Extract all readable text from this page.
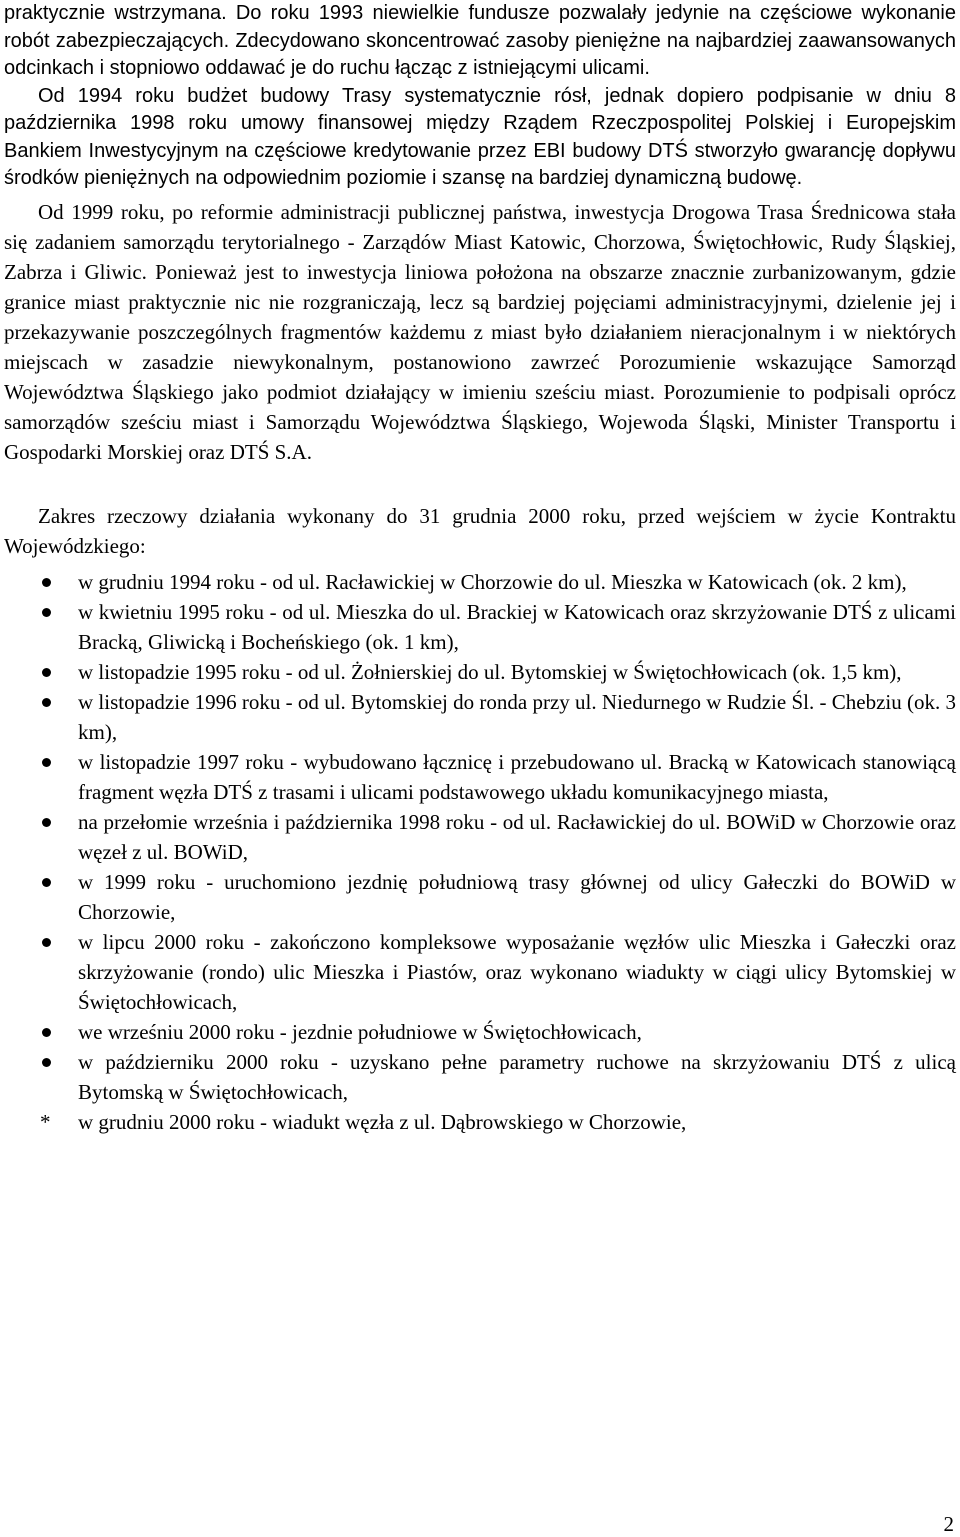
praktycznie wstrzymana. Do roku 1993 niewielkie fundusze pozwalały jedynie na częściowe wykonanie robót zabezpieczających. Zdecydowano skoncentrować zasoby pieniężne na najbardziej zaawansowanych odcinkach i stopniowo oddawać je do ruchu łącząc z istniejącymi ulicami.

Od 1994 roku budżet budowy Trasy systematycznie rósł, jednak dopiero podpisanie w dniu 8 października 1998 roku umowy finansowej między Rządem Rzeczpospolitej Polskiej i Europejskim Bankiem Inwestycyjnym na częściowe kredytowanie przez EBI budowy DTŚ stworzyło gwarancję dopływu środków pieniężnych na odpowiednim poziomie i szansę na bardziej dynamiczną budowę.

Od 1999 roku, po reformie administracji publicznej państwa, inwestycja Drogowa Trasa Średnicowa stała się zadaniem samorządu terytorialnego - Zarządów Miast Katowic, Chorzowa, Świętochłowic, Rudy Śląskiej, Zabrza i Gliwic. Ponieważ jest to inwestycja liniowa położona na obszarze znacznie zurbanizowanym, gdzie granice miast praktycznie nic nie rozgraniczają, lecz są bardziej pojęciami administracyjnymi, dzielenie jej i przekazywanie poszczególnych fragmentów każdemu z miast było działaniem nieracjonalnym i w niektórych miejscach w zasadzie niewykonalnym, postanowiono zawrzeć Porozumienie wskazujące Samorząd Województwa Śląskiego jako podmiot działający w imieniu sześciu miast. Porozumienie to podpisali oprócz samorządów sześciu miast i Samorządu Województwa Śląskiego, Wojewoda Śląski, Minister Transportu i Gospodarki Morskiej oraz DTŚ S.A.

Zakres rzeczowy działania wykonany do 31 grudnia 2000 roku, przed wejściem w życie Kontraktu Wojewódzkiego:

w grudniu 1994 roku - od ul. Racławickiej w Chorzowie do ul. Mieszka w Katowicach (ok. 2 km),
w kwietniu 1995 roku - od ul. Mieszka do ul. Brackiej w Katowicach oraz skrzyżowanie DTŚ z ulicami Bracką, Gliwicką i Bocheńskiego (ok. 1 km),
w listopadzie 1995 roku - od ul. Żołnierskiej do ul. Bytomskiej w Świętochłowicach (ok. 1,5 km),
w listopadzie 1996 roku - od ul. Bytomskiej do ronda przy ul. Niedurnego w Rudzie Śl. - Chebziu (ok. 3 km),
w listopadzie 1997 roku - wybudowano łącznicę i przebudowano ul. Bracką w Katowicach stanowiącą fragment węzła DTŚ z trasami i ulicami podstawowego układu komunikacyjnego miasta,
na przełomie września i października 1998 roku - od ul. Racławickiej do ul. BOWiD w Chorzowie oraz węzeł z ul. BOWiD,
w 1999 roku - uruchomiono jezdnię południową trasy głównej od ulicy Gałeczki do BOWiD w Chorzowie,
w lipcu 2000 roku - zakończono kompleksowe wyposażanie węzłów ulic Mieszka i Gałeczki oraz skrzyżowanie (rondo) ulic Mieszka i Piastów, oraz wykonano wiadukty w ciągi ulicy Bytomskiej w Świętochłowicach,
we wrześniu 2000 roku - jezdnie południowe w Świętochłowicach,
w październiku 2000 roku - uzyskano pełne parametry ruchowe na skrzyżowaniu DTŚ z ulicą Bytomską w Świętochłowicach,
* w grudniu 2000 roku - wiadukt węzła z ul. Dąbrowskiego w Chorzowie,
2
